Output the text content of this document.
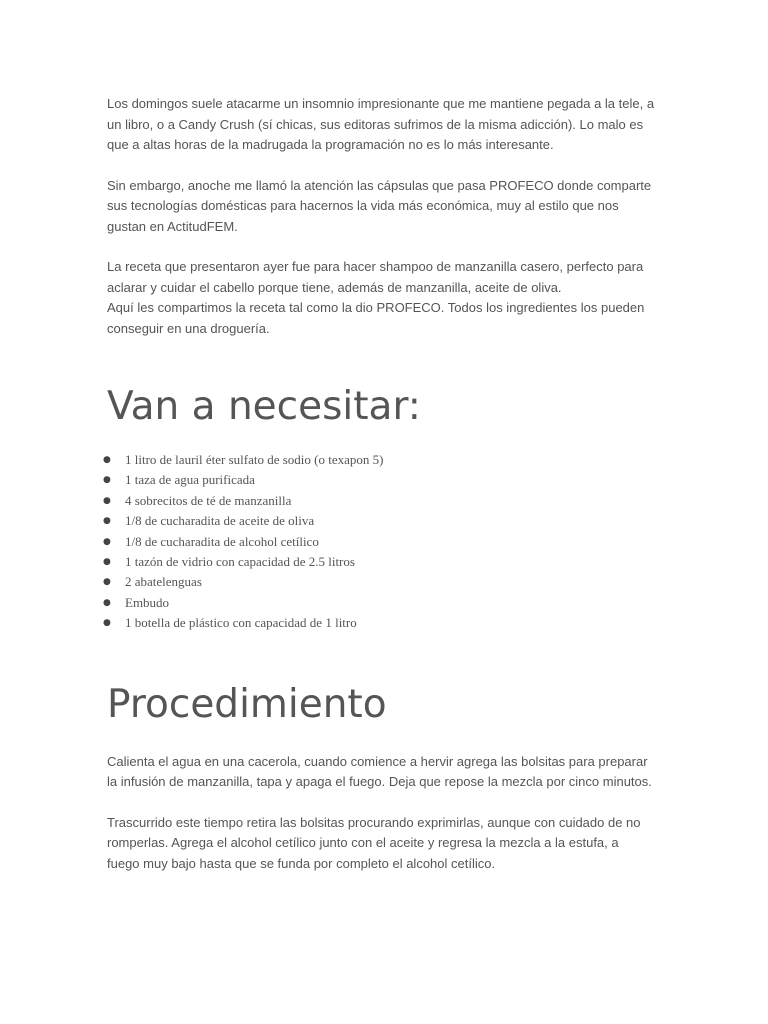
Los domingos suele atacarme un insomnio impresionante que me mantiene pegada a la tele, a
un libro, o a Candy Crush (sí chicas, sus editoras sufrimos de la misma adicción). Lo malo es
que a altas horas de la madrugada la programación no es lo más interesante.

Sin embargo, anoche me llamó la atención las cápsulas que pasa PROFECO donde comparte
sus tecnologías domésticas para hacernos la vida más económica, muy al estilo que nos
gustan en ActitudFEM.

La receta que presentaron ayer fue para hacer shampoo de manzanilla casero, perfecto para
aclarar y cuidar el cabello porque tiene, además de manzanilla, aceite de oliva.
Aquí les compartimos la receta tal como la dio PROFECO. Todos los ingredientes los pueden
conseguir en una droguería.

Van a necesitar:
● 1 litro de lauril éter sulfato de sodio (o texapon 5)
● 1 taza de agua purificada
● 4 sobrecitos de té de manzanilla
● 1/8 de cucharadita de aceite de oliva
● 1/8 de cucharadita de alcohol cetílico
● 1 tazón de vidrio con capacidad de 2.5 litros
● 2 abatelenguas
● Embudo
● 1 botella de plástico con capacidad de 1 litro
Procedimiento

Calienta el agua en una cacerola, cuando comience a hervir agrega las bolsitas para preparar
la infusión de manzanilla, tapa y apaga el fuego. Deja que repose la mezcla por cinco minutos.

Trascurrido este tiempo retira las bolsitas procurando exprimirlas, aunque con cuidado de no
romperlas. Agrega el alcohol cetílico junto con el aceite y regresa la mezcla a la estufa, a
fuego muy bajo hasta que se funda por completo el alcohol cetílico.
